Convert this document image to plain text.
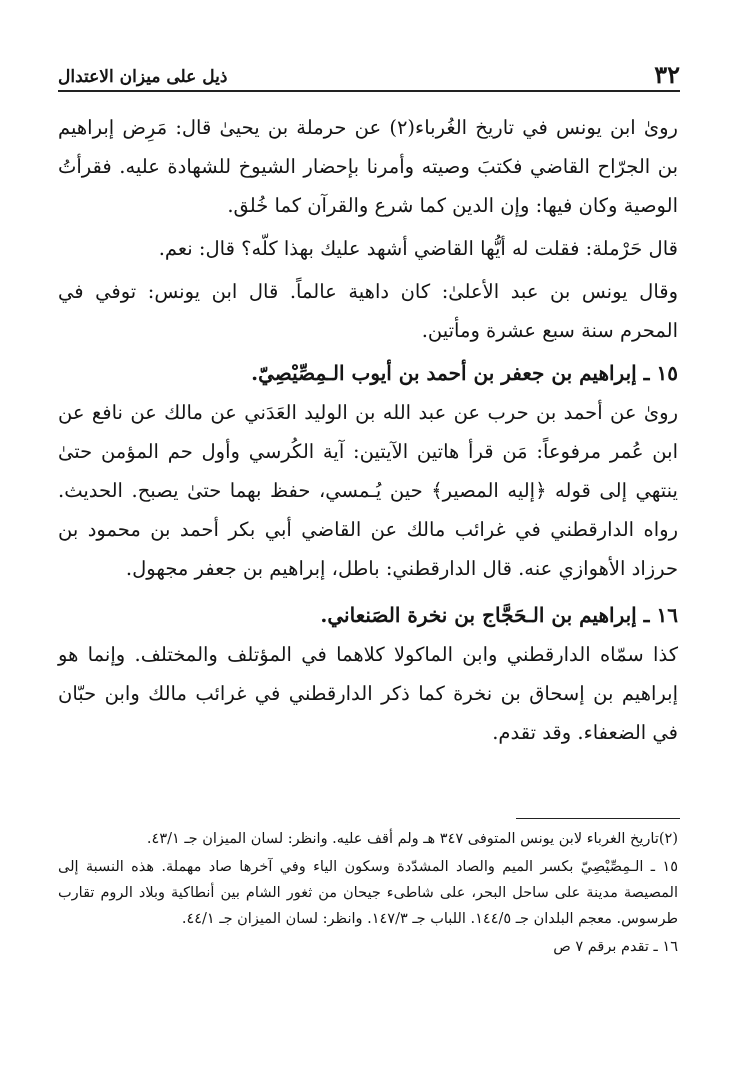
٣٢
ذيل على ميزان الاعتدال

روىٰ ابن يونس في تاريخ الغُرباء(٢) عن حرملة بن يحيىٰ قال: مَرِض إبراهيم بن الجرّاح القاضي فكتبَ وصيته وأمرنا بإحضار الشيوخ للشهادة عليه. فقرأتُ الوصية وكان فيها: وإن الدين كما شرع والقرآن كما خُلق.

قال حَرْملة: فقلت له أيُّها القاضي أشهد عليك بهذا كلّه؟ قال: نعم.

وقال يونس بن عبد الأعلىٰ: كان داهية عالماً. قال ابن يونس: توفي في المحرم سنة سبع عشرة ومأتين.

١٥ ـ إبراهيم بن جعفر بن أحمد بن أيوب الـمِصِّيْصِيّ.

روىٰ عن أحمد بن حرب عن عبد الله بن الوليد العَدَني عن مالك عن نافع عن ابن عُمر مرفوعاً: مَن قرأ هاتين الآيتين: آية الكُرسي وأول حم المؤمن حتىٰ ينتهي إلى قوله ﴿إليه المصير﴾ حين يُـمسي، حفظ بهما حتىٰ يصبح. الحديث. رواه الدارقطني في غرائب مالك عن القاضي أبي بكر أحمد بن محمود بن حرزاد الأهوازي عنه. قال الدارقطني: باطل، إبراهيم بن جعفر مجهول.

١٦ ـ إبراهيم بن الـحَجَّاج بن نخرة الصَنعاني.

كذا سمّاه الدارقطني وابن الماكولا كلاهما في المؤتلف والمختلف. وإنما هو إبراهيم بن إسحاق بن نخرة كما ذكر الدارقطني في غرائب مالك وابن حبّان في الضعفاء. وقد تقدم.

(٢)تاريخ الغرباء لابن يونس المتوفى ٣٤٧ هـ ولم أقف عليه. وانظر: لسان الميزان جـ ٤٣/١.

١٥ ـ الـمِصِّيْصِيّ بكسر الميم والصاد المشدّدة وسكون الياء وفي آخرها صاد مهملة. هذه النسبة إلى المصيصة مدينة على ساحل البحر، على شاطىء جيحان من ثغور الشام بين أنطاكية وبلاد الروم تقارب طرسوس. معجم البلدان جـ ١٤٤/٥. اللباب جـ ١٤٧/٣. وانظر: لسان الميزان جـ ٤٤/١.

١٦ ـ تقدم برقم ٧ ص
